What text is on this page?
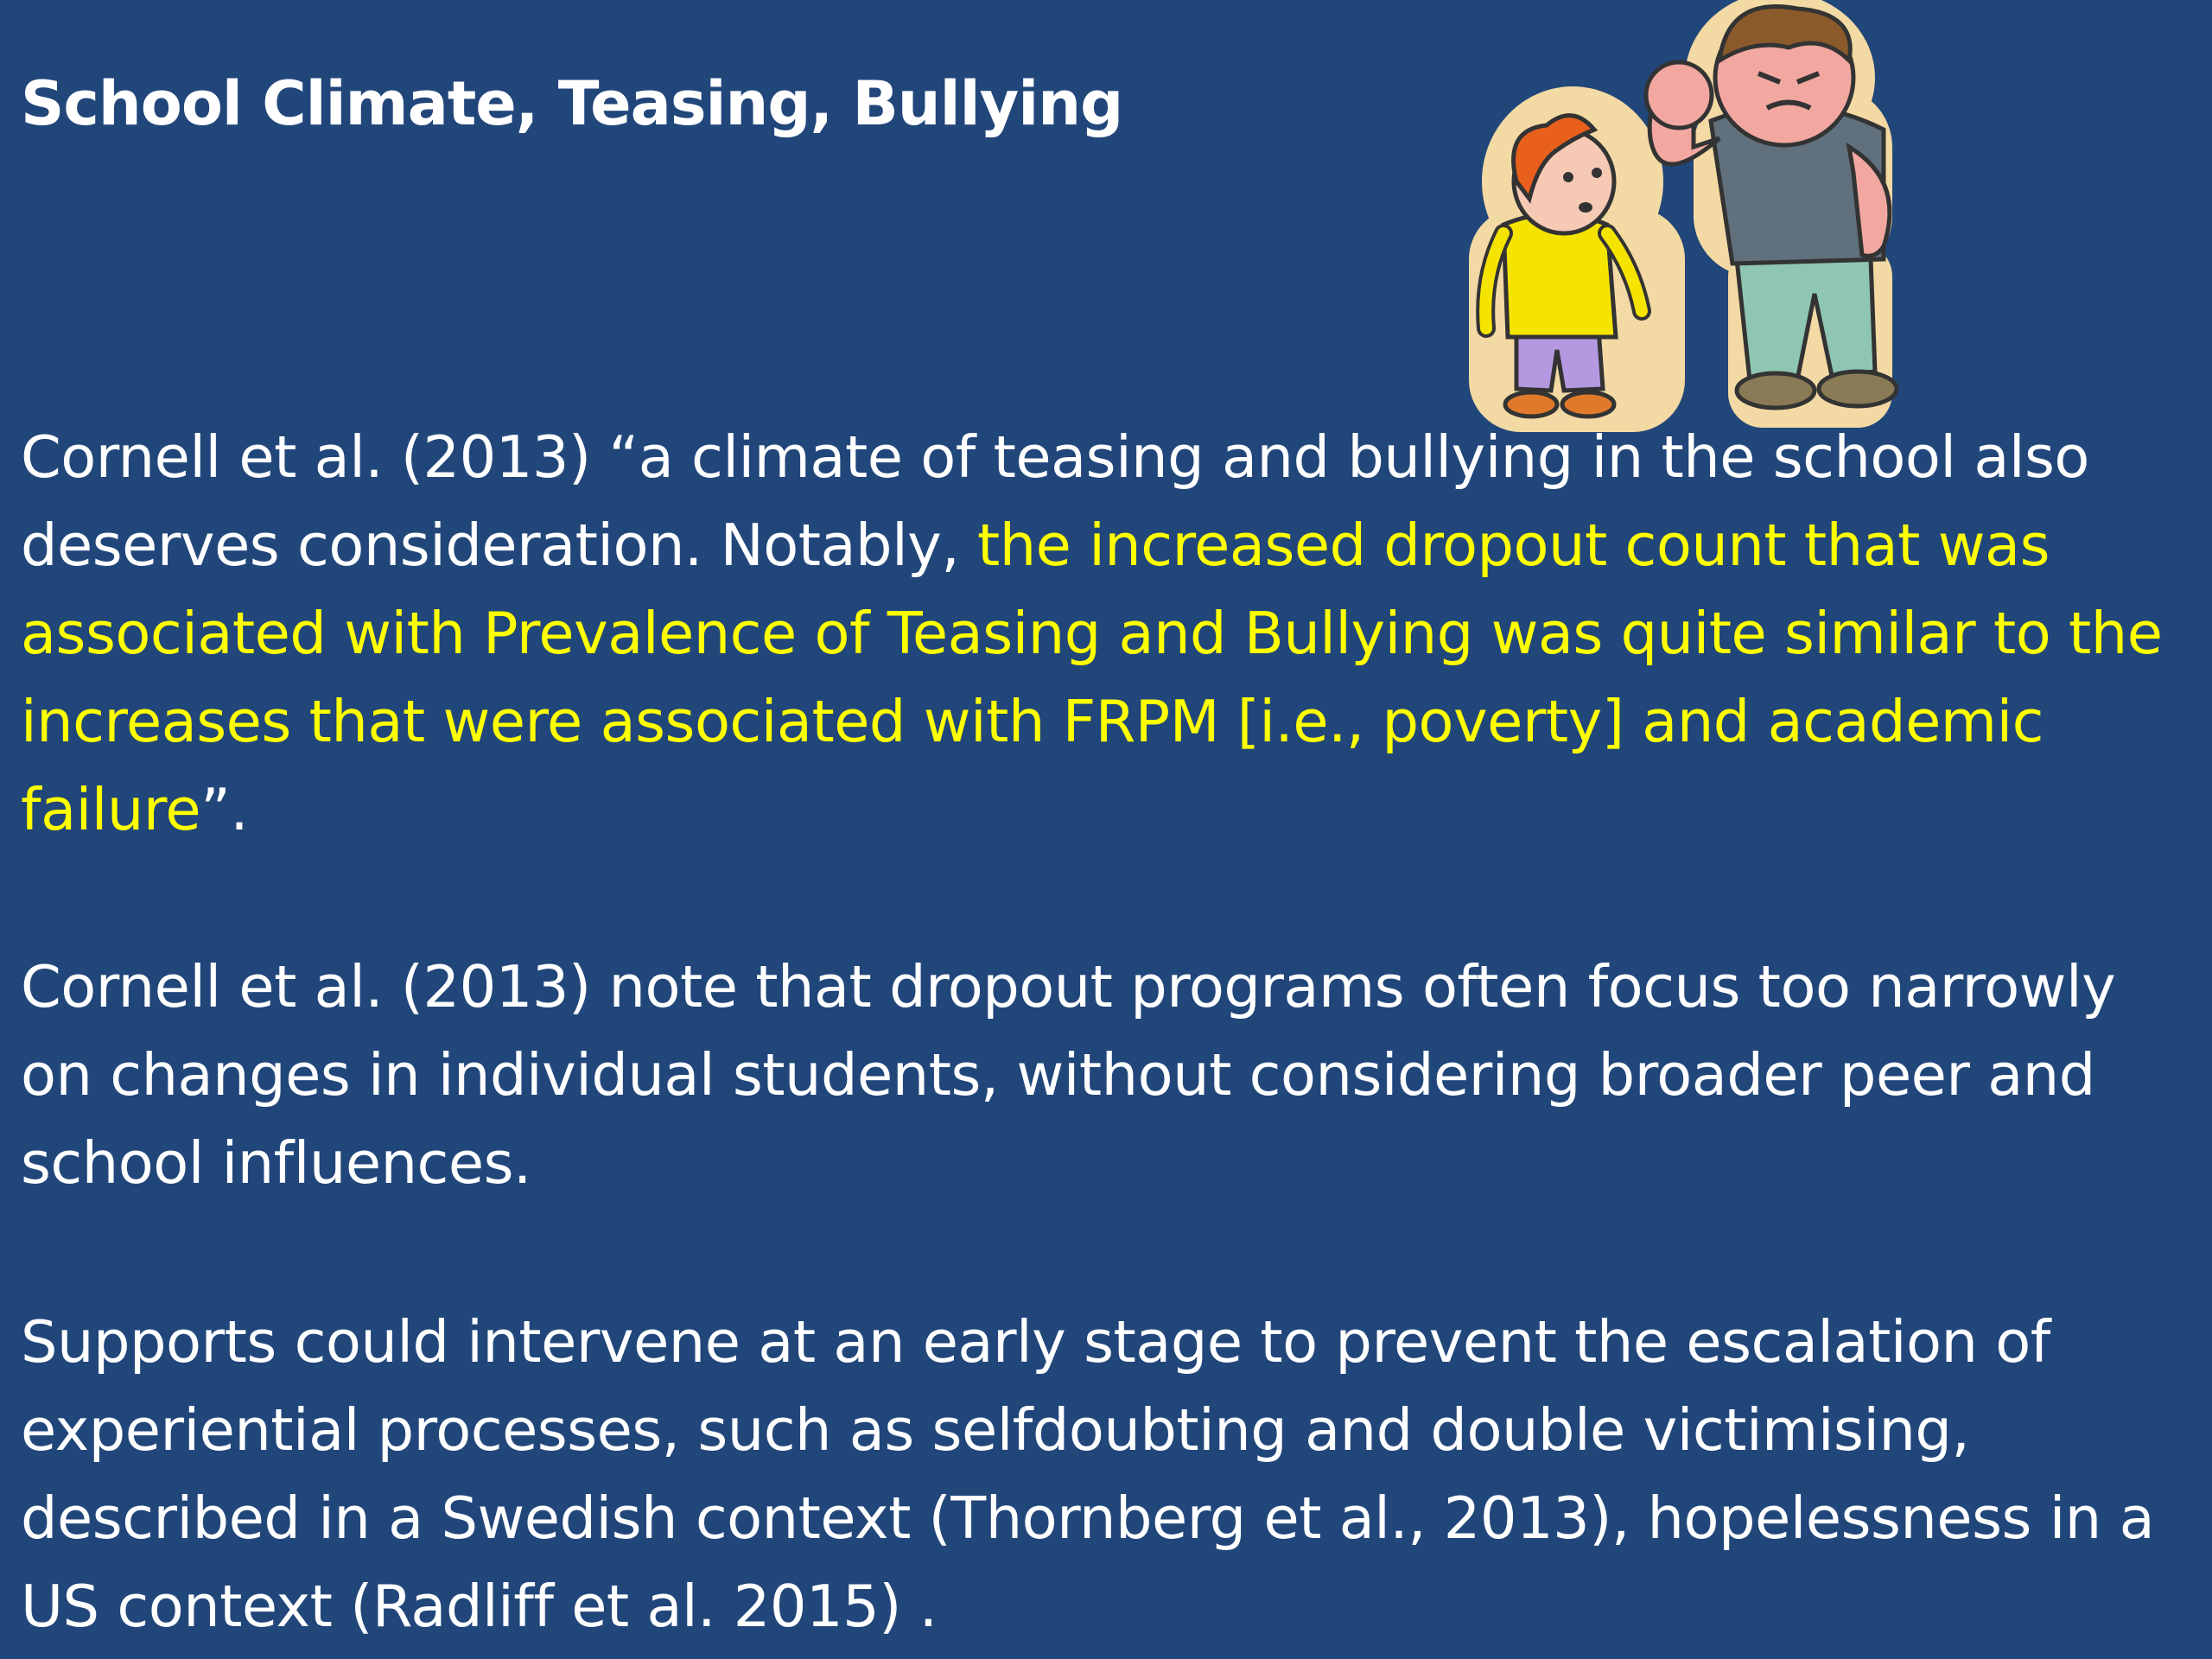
School Climate, Teasing, Bullying
Cornell et al. (2013) “a climate of teasing and bullying in the school also deserves consideration. Notably, the increased dropout count that was associated with Prevalence of Teasing and Bullying was quite similar to the increases that were associated with FRPM [i.e., poverty] and academic failure”.
Cornell et al. (2013) note that dropout programs often focus too narrowly on changes in individual students, without considering broader peer and school influences.
Supports could intervene at an early stage to prevent the escalation of experiential processes, such as selfdoubting and double victimising, described in a Swedish context (Thornberg et al., 2013), hopelessness in a US context (Radliff et al. 2015) .
